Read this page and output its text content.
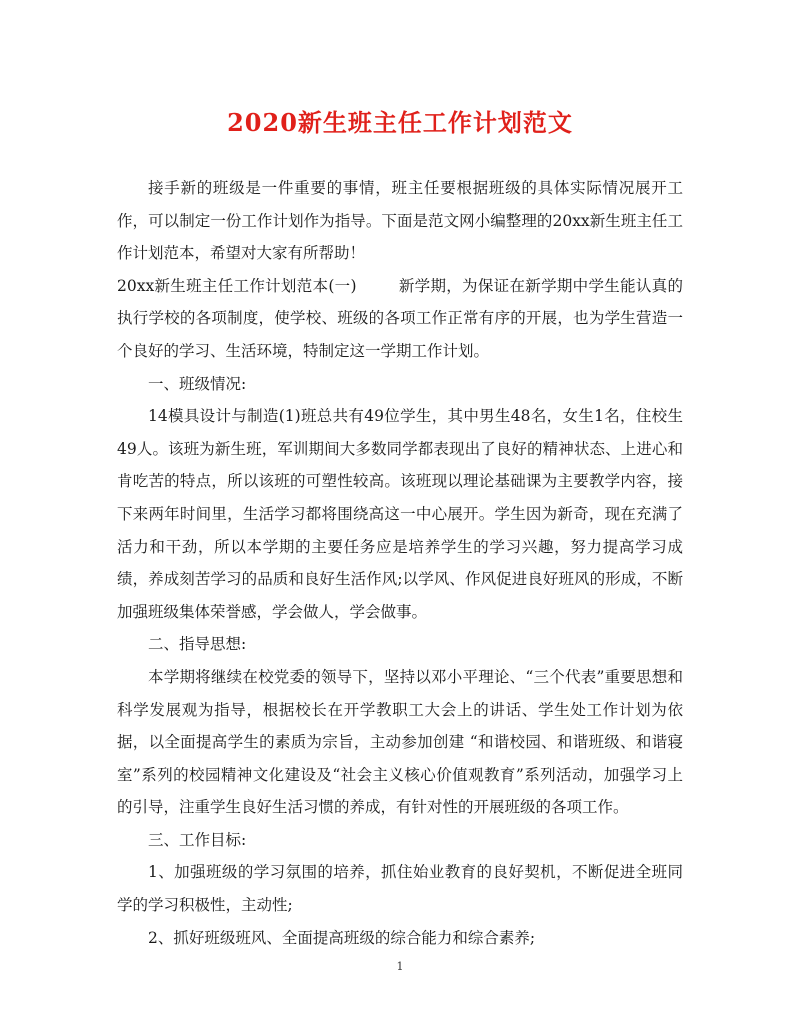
2020新生班主任工作计划范文

接手新的班级是一件重要的事情，班主任要根据班级的具体实际情况展开工作，可以制定一份工作计划作为指导。下面是范文网小编整理的20xx新生班主任工作计划范本，希望对大家有所帮助！

20xx新生班主任工作计划范本(一)	新学期，为保证在新学期中学生能认真的执行学校的各项制度，使学校、班级的各项工作正常有序的开展，也为学生营造一个良好的学习、生活环境，特制定这一学期工作计划。

一、班级情况:

14模具设计与制造(1)班总共有49位学生，其中男生48名，女生1名，住校生49人。该班为新生班，军训期间大多数同学都表现出了良好的精神状态、上进心和肯吃苦的特点，所以该班的可塑性较高。该班现以理论基础课为主要教学内容，接下来两年时间里，生活学习都将围绕高这一中心展开。学生因为新奇，现在充满了活力和干劲，所以本学期的主要任务应是培养学生的学习兴趣，努力提高学习成绩，养成刻苦学习的品质和良好生活作风;以学风、作风促进良好班风的形成，不断加强班级集体荣誉感，学会做人，学会做事。

二、指导思想:

本学期将继续在校党委的领导下，坚持以邓小平理论、“三个代表”重要思想和科学发展观为指导，根据校长在开学教职工大会上的讲话、学生处工作计划为依据，以全面提高学生的素质为宗旨，主动参加创建 “和谐校园、和谐班级、和谐寝室”系列的校园精神文化建设及“社会主义核心价值观教育”系列活动，加强学习上的引导，注重学生良好生活习惯的养成，有针对性的开展班级的各项工作。

三、工作目标:

1、加强班级的学习氛围的培养，抓住始业教育的良好契机，不断促进全班同学的学习积极性，主动性;

2、抓好班级班风、全面提高班级的综合能力和综合素养;

1
